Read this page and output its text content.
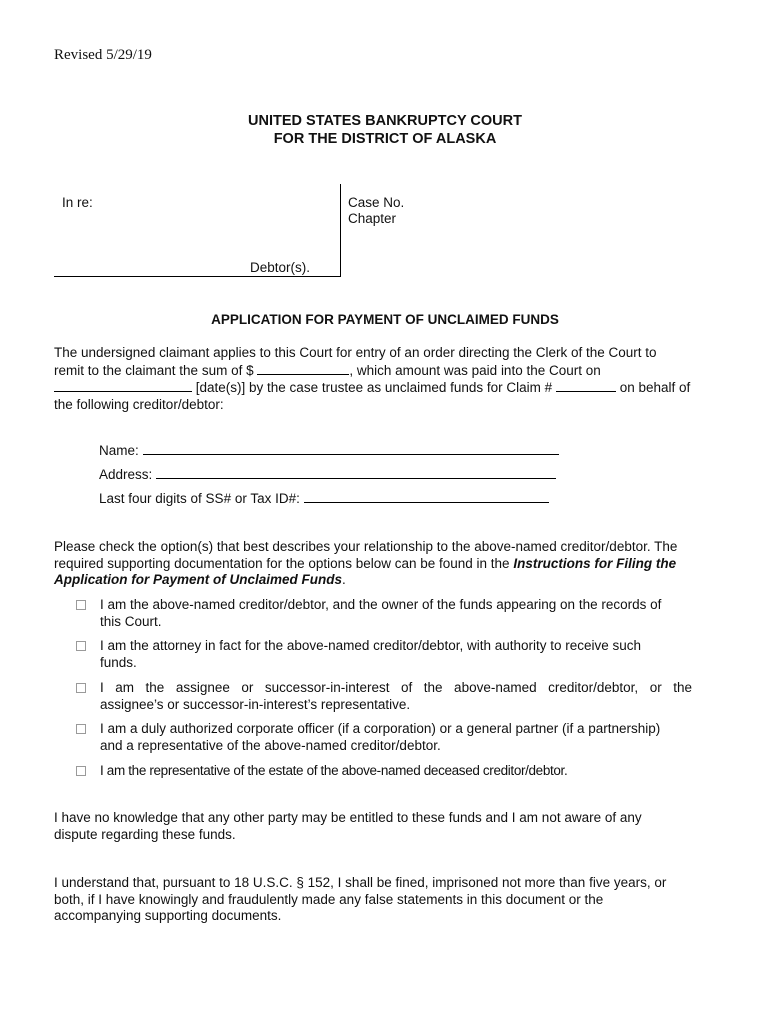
Revised 5/29/19
UNITED STATES BANKRUPTCY COURT
FOR THE DISTRICT OF ALASKA
In re:	Case No.
Chapter
Debtor(s).
APPLICATION FOR PAYMENT OF UNCLAIMED FUNDS
The undersigned claimant applies to this Court for entry of an order directing the Clerk of the Court to
remit to the claimant the sum of $	, which amount was paid into the Court on
[date(s)] by the case trustee as unclaimed funds for Claim #	on behalf of
the following creditor/debtor:
Name:
Address:
Last four digits of SS# or Tax ID#:
Please check the option(s) that best describes your relationship to the above-named creditor/debtor. The
required supporting documentation for the options below can be found in the Instructions for Filing the
Application for Payment of Unclaimed Funds.
I am the above-named creditor/debtor, and the owner of the funds appearing on the records of
this Court.
I am the attorney in fact for the above-named creditor/debtor, with authority to receive such
funds.
I am the assignee or successor-in-interest of the above-named creditor/debtor, or the
assignee’s or successor-in-interest’s representative.
I am a duly authorized corporate officer (if a corporation) or a general partner (if a partnership)
and a representative of the above-named creditor/debtor.
I am the representative of the estate of the above-named deceased creditor/debtor.
I have no knowledge that any other party may be entitled to these funds and I am not aware of any
dispute regarding these funds.
I understand that, pursuant to 18 U.S.C. § 152, I shall be fined, imprisoned not more than five years, or
both, if I have knowingly and fraudulently made any false statements in this document or the
accompanying supporting documents.
